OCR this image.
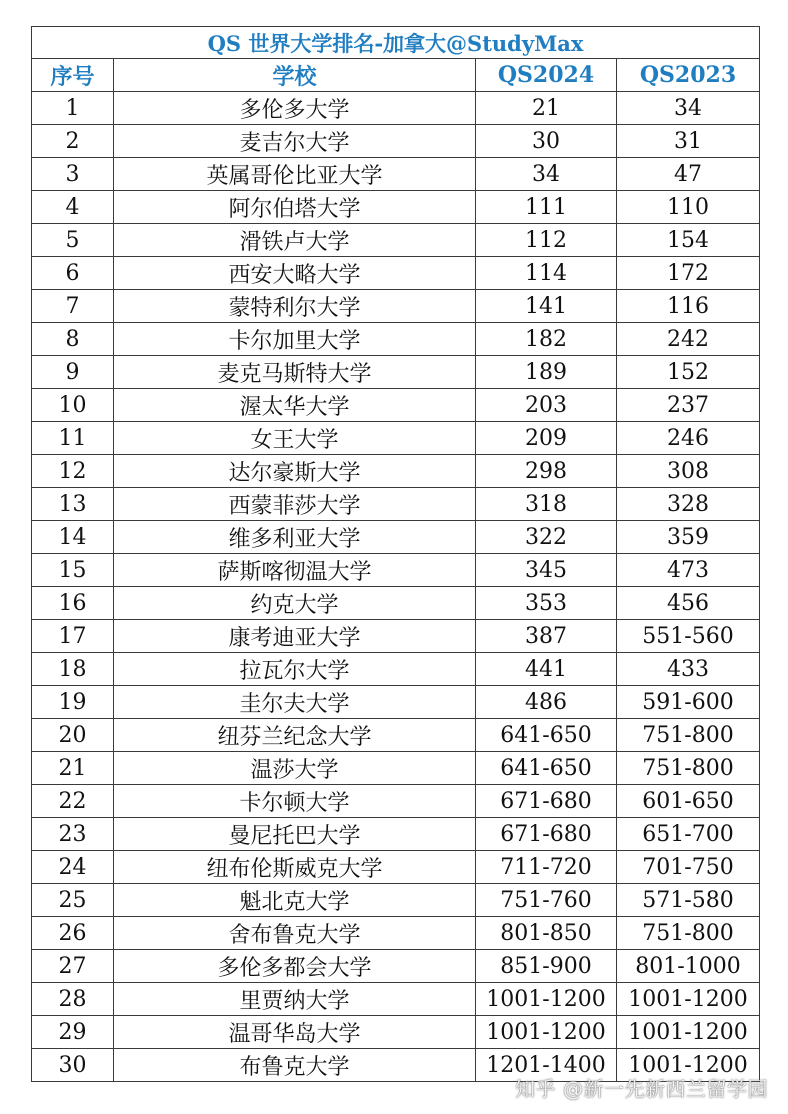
QS 世界大学排名-加拿大@StudyMax			
序号	学校	QS2024	QS2023
1	多伦多大学	21	34
2	麦吉尔大学	30	31
3	英属哥伦比亚大学	34	47
4	阿尔伯塔大学	111	110
5	滑铁卢大学	112	154
6	西安大略大学	114	172
7	蒙特利尔大学	141	116
8	卡尔加里大学	182	242
9	麦克马斯特大学	189	152
10	渥太华大学	203	237
11	女王大学	209	246
12	达尔豪斯大学	298	308
13	西蒙菲莎大学	318	328
14	维多利亚大学	322	359
15	萨斯喀彻温大学	345	473
16	约克大学	353	456
17	康考迪亚大学	387	551-560
18	拉瓦尔大学	441	433
19	圭尔夫大学	486	591-600
20	纽芬兰纪念大学	641-650	751-800
21	温莎大学	641-650	751-800
22	卡尔顿大学	671-680	601-650
23	曼尼托巴大学	671-680	651-700
24	纽布伦斯威克大学	711-720	701-750
25	魁北克大学	751-760	571-580
26	舍布鲁克大学	801-850	751-800
27	多伦多都会大学	851-900	801-1000
28	里贾纳大学	1001-1200	1001-1200
29	温哥华岛大学	1001-1200	1001-1200
30	布鲁克大学	1201-1400	1001-1200
知乎 @新一先新西兰留学园
